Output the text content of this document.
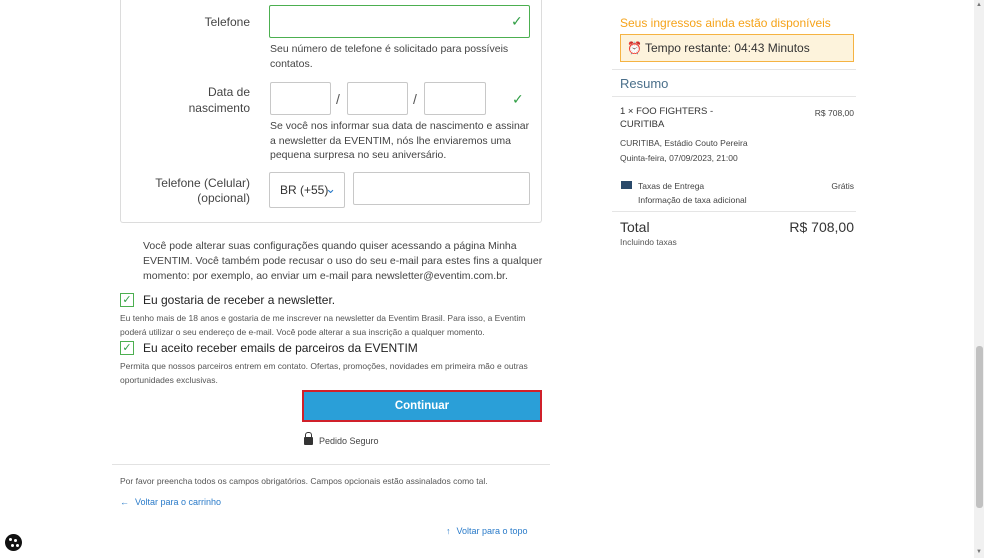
Telefone	✓
Seu número de telefone é solicitado para possíveis contatos.
Data de
nascimento
/	/	✓
Se você nos informar sua data de nascimento e assinar a newsletter da EVENTIM, nós lhe enviaremos uma pequena surpresa no seu aniversário.
Telefone (Celular)
(opcional)
BR (+55)
⌄
Você pode alterar suas configurações quando quiser acessando a página Minha EVENTIM. Você também pode recusar o uso do seu e-mail para estes fins a qualquer momento: por exemplo, ao enviar um e-mail para newsletter@eventim.com.br.
✓ Eu gostaria de receber a newsletter.
Eu tenho mais de 18 anos e gostaria de me inscrever na newsletter da Eventim Brasil. Para isso, a Eventim poderá utilizar o seu endereço de e-mail. Você pode alterar a sua inscrição a qualquer momento.
✓ Eu aceito receber emails de parceiros da EVENTIM
Permita que nossos parceiros entrem em contato. Ofertas, promoções, novidades em primeira mão e outras oportunidades exclusivas.
Continuar
Pedido Seguro
Por favor preencha todos os campos obrigatórios. Campos opcionais estão assinalados como tal.
← Voltar para o carrinho
↑ Voltar para o topo
Seus ingressos ainda estão disponíveis
⏰ Tempo restante: 04:43 Minutos
Resumo
1 × FOO FIGHTERS -
CURITIBA
R$ 708,00
CURITIBA, Estádio Couto Pereira
Quinta-feira, 07/09/2023, 21:00
Taxas de Entrega	Grátis
Informação de taxa adicional
Total	R$ 708,00
Incluindo taxas
▲
▼
